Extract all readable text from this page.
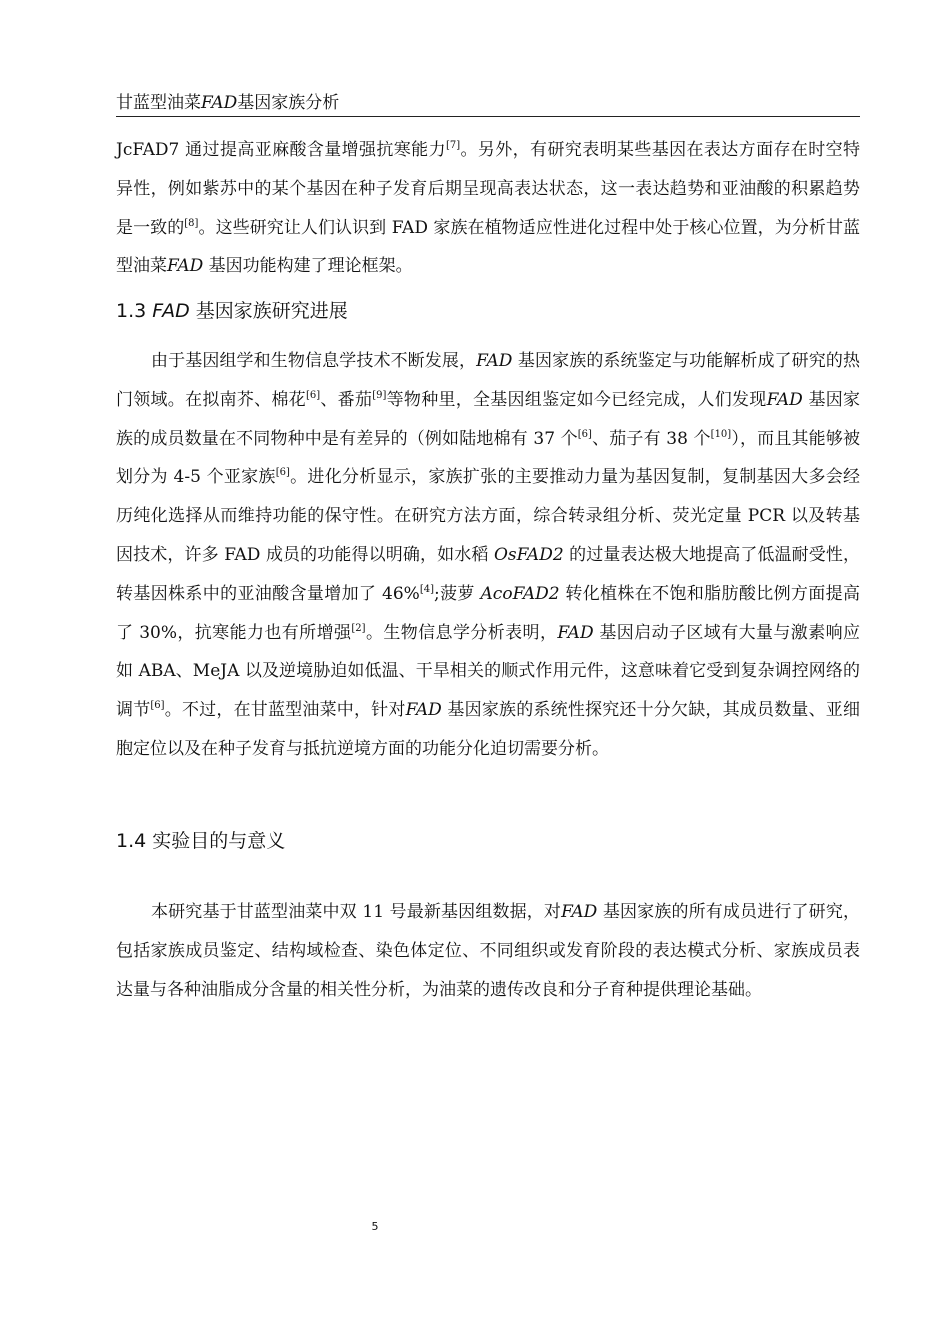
甘蓝型油菜FAD基因家族分析

JcFAD7 通过提高亚麻酸含量增强抗寒能力[7]。另外，有研究表明某些基因在表达方面存在时空特异性，例如紫苏中的某个基因在种子发育后期呈现高表达状态，这一表达趋势和亚油酸的积累趋势是一致的[8]。这些研究让人们认识到 FAD 家族在植物适应性进化过程中处于核心位置，为分析甘蓝型油菜FAD 基因功能构建了理论框架。

1.3 FAD 基因家族研究进展

由于基因组学和生物信息学技术不断发展，FAD 基因家族的系统鉴定与功能解析成了研究的热门领域。在拟南芥、棉花[6]、番茄[9]等物种里，全基因组鉴定如今已经完成，人们发现FAD 基因家族的成员数量在不同物种中是有差异的（例如陆地棉有 37 个[6]、茄子有 38 个[10]），而且其能够被划分为 4-5 个亚家族[6]。进化分析显示，家族扩张的主要推动力量为基因复制，复制基因大多会经历纯化选择从而维持功能的保守性。在研究方法方面，综合转录组分析、荧光定量 PCR 以及转基因技术，许多 FAD 成员的功能得以明确，如水稻 OsFAD2 的过量表达极大地提高了低温耐受性，转基因株系中的亚油酸含量增加了 46%[4];菠萝 AcoFAD2 转化植株在不饱和脂肪酸比例方面提高了 30%，抗寒能力也有所增强[2]。生物信息学分析表明，FAD 基因启动子区域有大量与激素响应如 ABA、MeJA 以及逆境胁迫如低温、干旱相关的顺式作用元件，这意味着它受到复杂调控网络的调节[6]。不过，在甘蓝型油菜中，针对FAD 基因家族的系统性探究还十分欠缺，其成员数量、亚细胞定位以及在种子发育与抵抗逆境方面的功能分化迫切需要分析。

1.4 实验目的与意义

本研究基于甘蓝型油菜中双 11 号最新基因组数据，对FAD 基因家族的所有成员进行了研究，包括家族成员鉴定、结构域检查、染色体定位、不同组织或发育阶段的表达模式分析、家族成员表达量与各种油脂成分含量的相关性分析，为油菜的遗传改良和分子育种提供理论基础。

5
